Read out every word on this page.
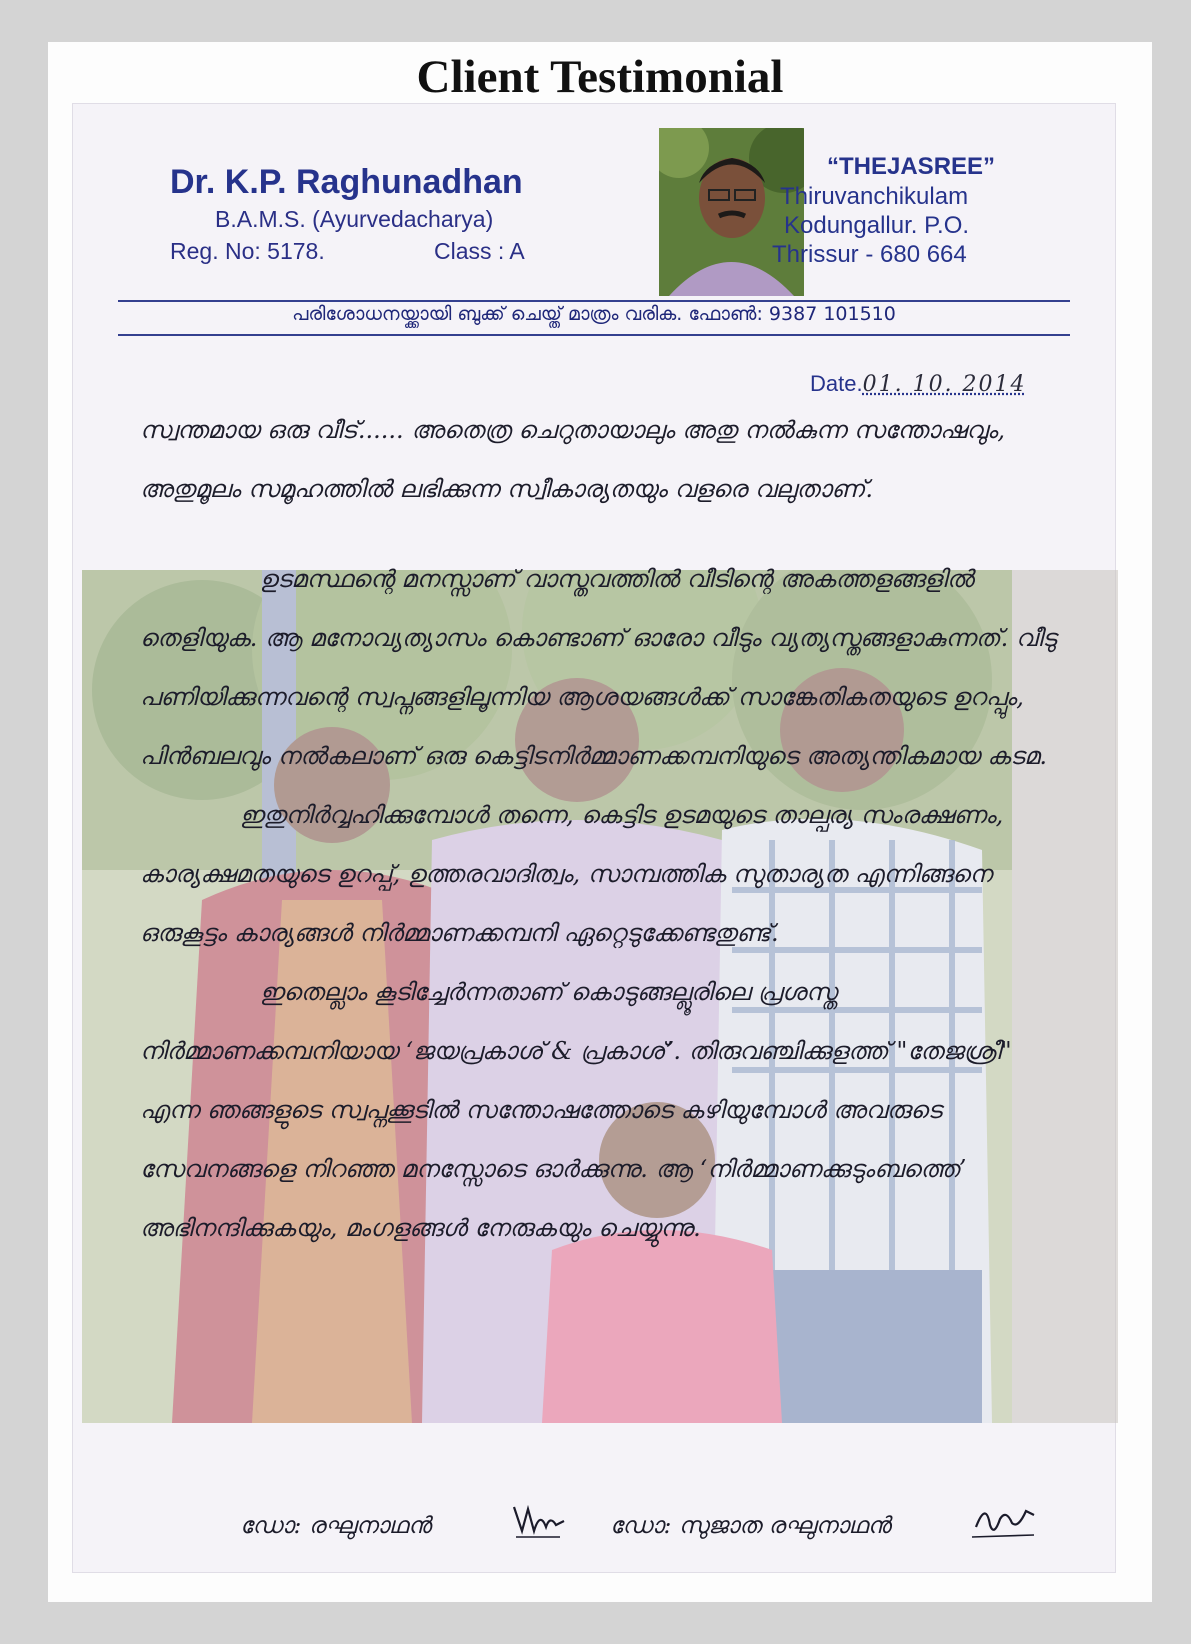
Client Testimonial
Dr. K.P. Raghunadhan
B.A.M.S. (Ayurvedacharya)
Reg. No: 5178.	Class : A
“THEJASREE”
Thiruvanchikulam
Kodungallur. P.O.
Thrissur - 680 664
പരിശോധനയ്ക്കായി ബുക്ക് ചെയ്ത് മാത്രം വരിക. ഫോൺ: 9387 101510
Date.01. 10. 2014

സ്വന്തമായ ഒരു വീട്...... അതെത്ര ചെറുതായാലും അതു നൽകുന്ന സന്തോഷവും, അതുമൂലം സമൂഹത്തിൽ ലഭിക്കുന്ന സ്വീകാര്യതയും വളരെ വലുതാണ്.

ഉടമസ്ഥന്റെ മനസ്സാണ് വാസ്തവത്തിൽ വീടിന്റെ അകത്തളങ്ങളിൽ തെളിയുക. ആ മനോവ്യത്യാസം കൊണ്ടാണ് ഓരോ വീടും വ്യത്യസ്തങ്ങളാകുന്നത്. വീടു പണിയിക്കുന്നവന്റെ സ്വപ്നങ്ങളിലൂന്നിയ ആശയങ്ങൾക്ക് സാങ്കേതികതയുടെ ഉറപ്പും, പിൻബലവും നൽകലാണ് ഒരു കെട്ടിടനിർമ്മാണക്കമ്പനിയുടെ അത്യന്തികമായ കടമ.

ഇതുനിർവ്വഹിക്കുമ്പോൾ തന്നെ, കെട്ടിട ഉടമയുടെ താല്പര്യ സംരക്ഷണം, കാര്യക്ഷമതയുടെ ഉറപ്പ്, ഉത്തരവാദിത്വം, സാമ്പത്തിക സുതാര്യത എന്നിങ്ങനെ ഒരുകൂട്ടം കാര്യങ്ങൾ നിർമ്മാണക്കമ്പനി ഏറ്റെടുക്കേണ്ടതുണ്ട്.

ഇതെല്ലാം കൂടിച്ചേർന്നതാണ് കൊടുങ്ങല്ലൂരിലെ പ്രശസ്ത നിർമ്മാണക്കമ്പനിയായ ‘ജയപ്രകാശ് & പ്രകാശ്’. തിരുവഞ്ചിക്കുളത്ത് "തേജശ്രീ" എന്ന ഞങ്ങളുടെ സ്വപ്നക്കൂടിൽ സന്തോഷത്തോടെ കഴിയുമ്പോൾ അവരുടെ സേവനങ്ങളെ നിറഞ്ഞ മനസ്സോടെ ഓർക്കുന്നു. ആ ‘നിർമ്മാണക്കുടുംബത്തെ’ അഭിനന്ദിക്കുകയും, മംഗളങ്ങൾ നേരുകയും ചെയ്യുന്നു.

ഡോ: രഘുനാഥൻ	ഡോ: സുജാത രഘുനാഥൻ
